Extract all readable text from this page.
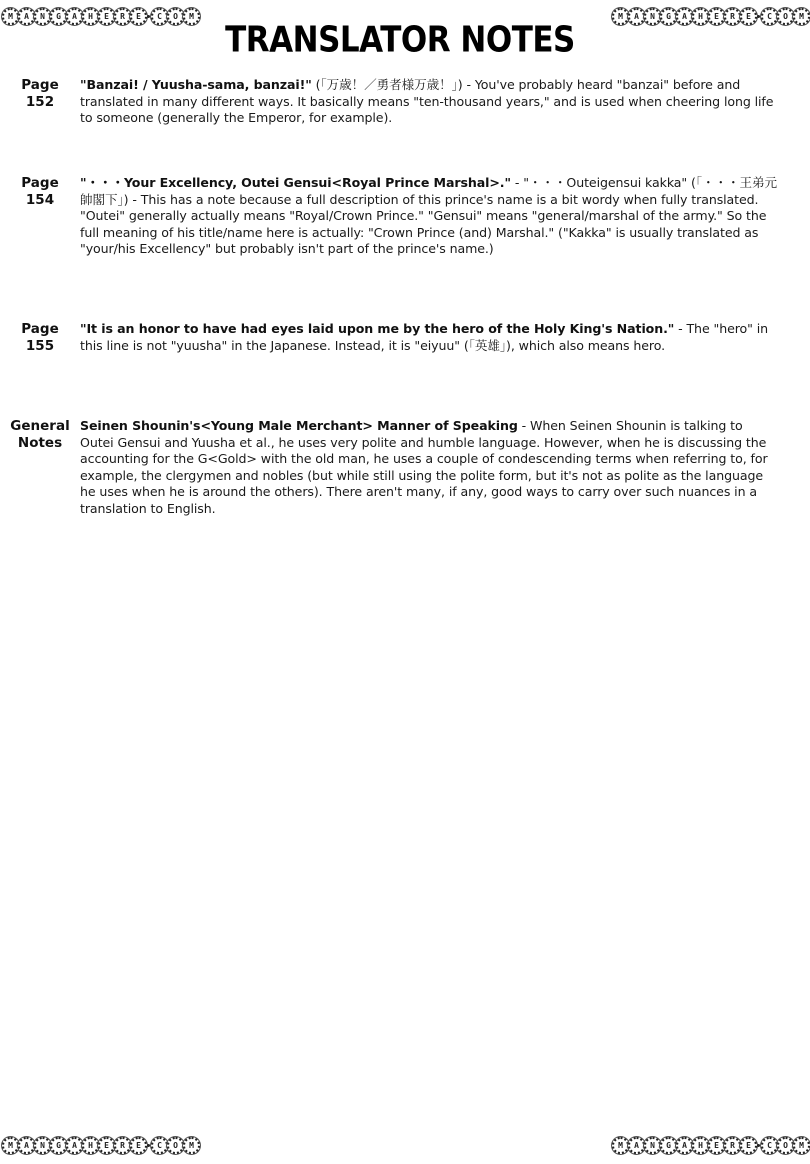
M	A	N	G	A	H	E	R	E	C	O	M	M	A	N	G	A	H	E	R	E	C	O	M
M	A	N	G	A	H	E	R	E	C	O	M	M	A	N	G	A	H	E	R	E	C	O	M
TRANSLATOR NOTES
Page
152
"Banzai! / Yuusha-sama, banzai!" (「万歳！／勇者様万歳！」) - You've probably heard "banzai" before and translated in many different ways. It basically means "ten-thousand years," and is used when cheering long life to someone (generally the Emperor, for example).
Page
154
"・・・Your Excellency, Outei Gensui<Royal Prince Marshal>." - "・・・Outeigensui kakka" (「・・・王弟元帥閣下」) - This has a note because a full description of this prince's name is a bit wordy when fully translated. "Outei" generally actually means "Royal/Crown Prince." "Gensui" means "general/marshal of the army." So the full meaning of his title/name here is actually: "Crown Prince (and) Marshal." ("Kakka" is usually translated as "your/his Excellency" but probably isn't part of the prince's name.)
Page
155
"It is an honor to have had eyes laid upon me by the hero of the Holy King's Nation." - The "hero" in this line is not "yuusha" in the Japanese. Instead, it is "eiyuu" (「英雄」), which also means hero.
General
Notes
Seinen Shounin's<Young Male Merchant> Manner of Speaking - When Seinen Shounin is talking to Outei Gensui and Yuusha et al., he uses very polite and humble language. However, when he is discussing the accounting for the G<Gold> with the old man, he uses a couple of condescending terms when referring to, for example, the clergymen and nobles (but while still using the polite form, but it's not as polite as the language he uses when he is around the others). There aren't many, if any, good ways to carry over such nuances in a translation to English.
